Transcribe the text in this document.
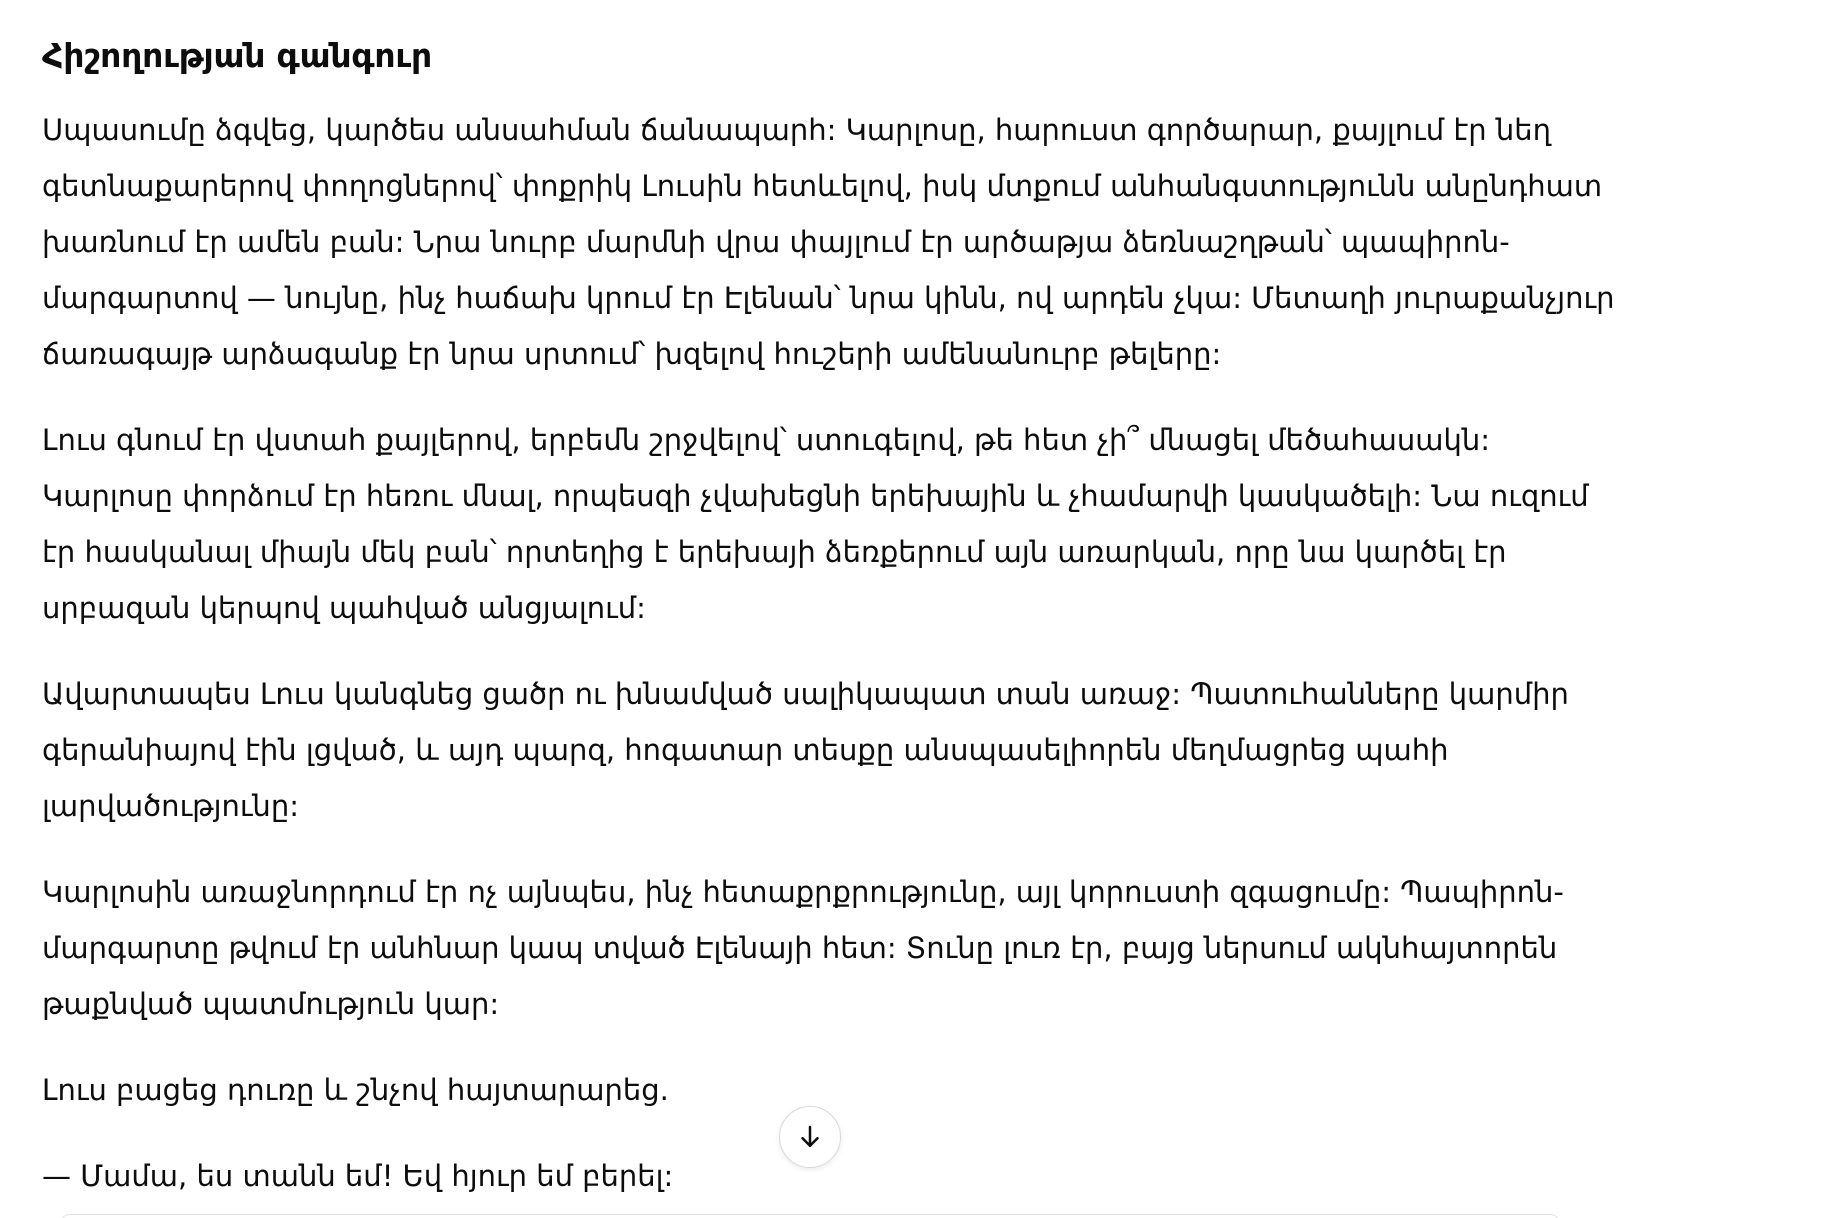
Հիշողության գանգուր
Սպասումը ձգվեց, կարծես անսահման ճանապարհ: Կարլոսը, հարուստ գործարար, քայլում էր նեղ
գետնաքարերով փողոցներով՝ փոքրիկ Լուսին հետևելով, իսկ մտքում անհանգստությունն անընդհատ
խառնում էր ամեն բան: Նրա նուրբ մարմնի վրա փայլում էր արծաթյա ձեռնաշղթան՝ պապիրոն-
մարգարտով — նույնը, ինչ հաճախ կրում էր Էլենան՝ նրա կինն, ով արդեն չկա: Մետաղի յուրաքանչյուր
ճառագայթ արձագանք էր նրա սրտում՝ խզելով հուշերի ամենանուրբ թելերը:
Լուս գնում էր վստահ քայլերով, երբեմն շրջվելով՝ ստուգելով, թե հետ չի՞ մնացել մեծահասակն:
Կարլոսը փորձում էր հեռու մնալ, որպեսզի չվախեցնի երեխային և չհամարվի կասկածելի: Նա ուզում
էր հասկանալ միայն մեկ բան՝ որտեղից է երեխայի ձեռքերում այն առարկան, որը նա կարծել էր
սրբազան կերպով պահված անցյալում:
Ավարտապես Լուս կանգնեց ցածր ու խնամված սալիկապատ տան առաջ: Պատուհանները կարմիր
գերանիայով էին լցված, և այդ պարզ, հոգատար տեսքը անսպասելիորեն մեղմացրեց պահի
լարվածությունը:
Կարլոսին առաջնորդում էր ոչ այնպես, ինչ հետաքրքրությունը, այլ կորուստի զգացումը: Պապիրոն-
մարգարտը թվում էր անհնար կապ տված Էլենայի հետ: Տունը լուռ էր, բայց ներսում ակնհայտորեն
թաքնված պատմություն կար:
Լուս բացեց դուռը և շնչով հայտարարեց.
— Մամա, ես տանն եմ! Եվ հյուր եմ բերել:
